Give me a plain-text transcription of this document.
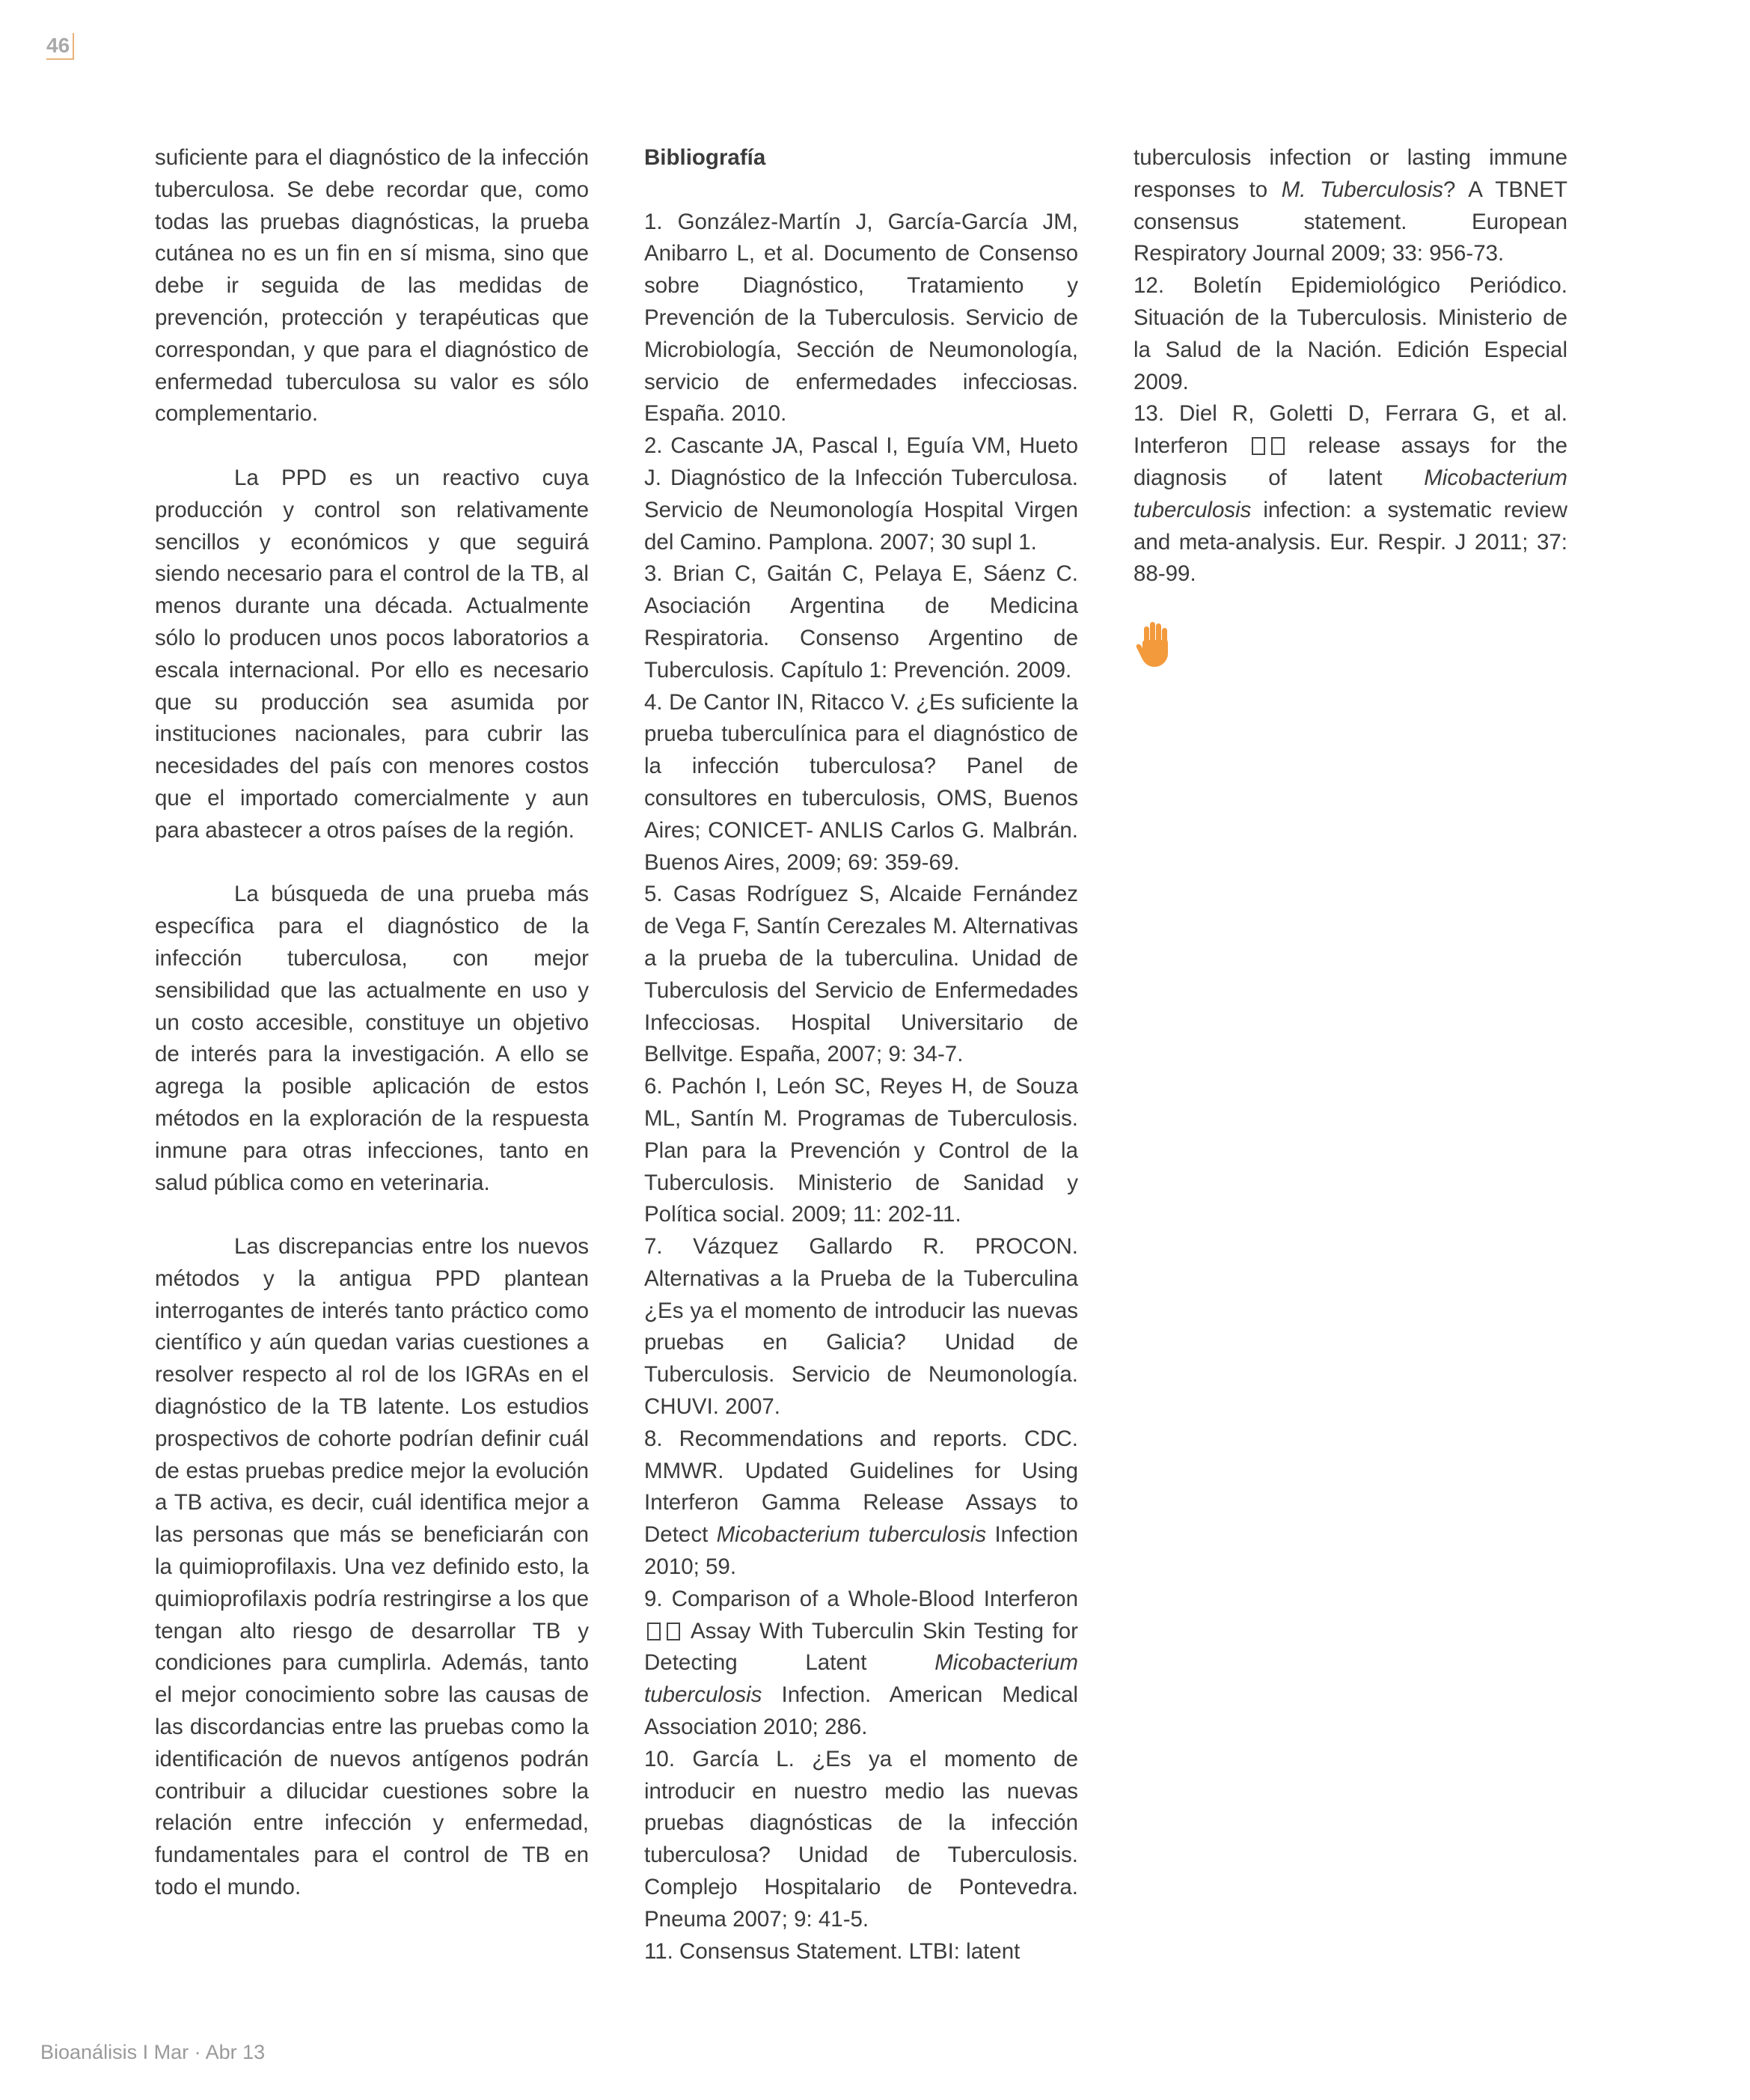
46

suficiente para el diagnóstico de la infección tuberculosa. Se debe recordar que, como todas las pruebas diagnósticas, la prueba cutánea no es un fin en sí misma, sino que debe ir seguida de las medidas de prevención, protección y terapéuticas que correspondan, y que para el diagnóstico de enfermedad tuberculosa su valor es sólo complementario.

La PPD es un reactivo cuya producción y control son relativamente sencillos y económicos y que seguirá siendo necesario para el control de la TB, al menos durante una década. Actualmente sólo lo producen unos pocos laboratorios a escala internacional. Por ello es necesario que su producción sea asumida por instituciones nacionales, para cubrir las necesidades del país con menores costos que el importado comercialmente y aun para abastecer a otros países de la región.

La búsqueda de una prueba más específica para el diagnóstico de la infección tuberculosa, con mejor sensibilidad que las actualmente en uso y un costo accesible, constituye un objetivo de interés para la investigación. A ello se agrega la posible aplicación de estos métodos en la exploración de la respuesta inmune para otras infecciones, tanto en salud pública como en veterinaria.

Las discrepancias entre los nuevos métodos y la antigua PPD plantean interrogantes de interés tanto práctico como científico y aún quedan varias cuestiones a resolver respecto al rol de los IGRAs en el diagnóstico de la TB latente. Los estudios prospectivos de cohorte podrían definir cuál de estas pruebas predice mejor la evolución a TB activa, es decir, cuál identifica mejor a las personas que más se beneficiarán con la quimioprofilaxis. Una vez definido esto, la quimioprofilaxis podría restringirse a los que tengan alto riesgo de desarrollar TB y condiciones para cumplirla. Además, tanto el mejor conocimiento sobre las causas de las discordancias entre las pruebas como la identificación de nuevos antígenos podrán contribuir a dilucidar cuestiones sobre la relación entre infección y enfermedad, fundamentales para el control de TB en todo el mundo.

Bibliografía

1. González-Martín J, García-García JM, Anibarro L, et al. Documento de Consenso sobre Diagnóstico, Tratamiento y Prevención de la Tuberculosis. Servicio de Microbiología, Sección de Neumonología, servicio de enfermedades infecciosas. España. 2010.

2. Cascante JA, Pascal I, Eguía VM, Hueto J. Diagnóstico de la Infección Tuberculosa. Servicio de Neumonología Hospital Virgen del Camino. Pamplona. 2007; 30 supl 1.

3. Brian C, Gaitán C, Pelaya E, Sáenz C. Asociación Argentina de Medicina Respiratoria. Consenso Argentino de Tuberculosis. Capítulo 1: Prevención. 2009.

4. De Cantor IN, Ritacco V. ¿Es suficiente la prueba tuberculínica para el diagnóstico de la infección tuberculosa? Panel de consultores en tuberculosis, OMS, Buenos Aires; CONICET- ANLIS Carlos G. Malbrán. Buenos Aires, 2009; 69: 359-69.

5. Casas Rodríguez S, Alcaide Fernández de Vega F, Santín Cerezales M. Alternativas a la prueba de la tuberculina. Unidad de Tuberculosis del Servicio de Enfermedades Infecciosas. Hospital Universitario de Bellvitge. España, 2007; 9: 34-7.

6. Pachón I, León SC, Reyes H, de Souza ML, Santín M. Programas de Tuberculosis. Plan para la Prevención y Control de la Tuberculosis. Ministerio de Sanidad y Política social. 2009; 11: 202-11.

7. Vázquez Gallardo R. PROCON. Alternativas a la Prueba de la Tuberculina ¿Es ya el momento de introducir las nuevas pruebas en Galicia? Unidad de Tuberculosis. Servicio de Neumonología. CHUVI. 2007.

8. Recommendations and reports. CDC. MMWR. Updated Guidelines for Using Interferon Gamma Release Assays to Detect Micobacterium tuberculosis Infection 2010; 59.

9. Comparison of a Whole-Blood Interferon  Assay With Tuberculin Skin Testing for Detecting Latent	Micobacterium tuberculosis Infection. American Medical Association 2010; 286.

10. García L. ¿Es ya el momento de introducir en nuestro medio las nuevas pruebas diagnósticas de la infección tuberculosa? Unidad de Tuberculosis. Complejo Hospitalario de Pontevedra. Pneuma 2007; 9: 41-5.

11. Consensus Statement. LTBI: latent

tuberculosis infection or lasting immune responses to M. Tuberculosis? A TBNET consensus statement. European Respiratory Journal 2009; 33: 956-73.

12. Boletín Epidemiológico Periódico. Situación de la Tuberculosis. Ministerio de la Salud de la Nación. Edición Especial 2009.

13. Diel R, Goletti D, Ferrara G, et al. Interferon	release assays for the diagnosis of latent Micobacterium tuberculosis infection: a systematic review and meta-analysis. Eur. Respir. J 2011; 37: 88-99.

Bioanálisis I Mar · Abr 13
